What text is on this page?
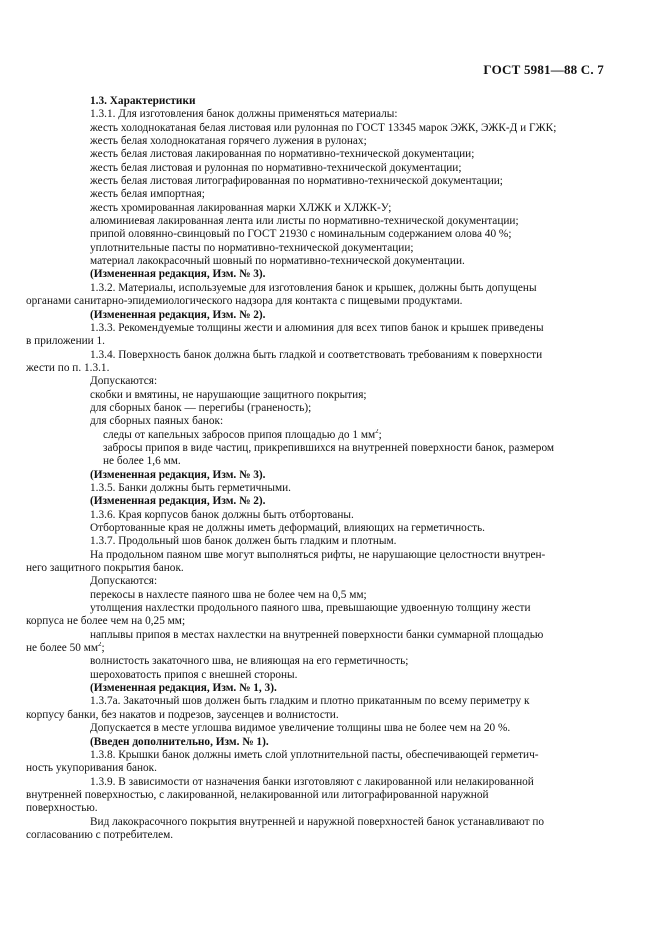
ГОСТ 5981—88 С. 7
1.3. Характеристики
1.3.1. Для изготовления банок должны применяться материалы:
жесть холоднокатаная белая листовая или рулонная по ГОСТ 13345 марок ЭЖК, ЭЖК-Д и ГЖК;
жесть белая холоднокатаная горячего лужения в рулонах;
жесть белая листовая лакированная по нормативно-технической документации;
жесть белая листовая и рулонная по нормативно-технической документации;
жесть белая листовая литографированная по нормативно-технической документации;
жесть белая импортная;
жесть хромированная лакированная марки ХЛЖК и ХЛЖК-У;
алюминиевая лакированная лента или листы по нормативно-технической документации;
припой оловянно-свинцовый по ГОСТ 21930 с номинальным содержанием олова 40 %;
уплотнительные пасты по нормативно-технической документации;
материал лакокрасочный шовный по нормативно-технической документации.
(Измененная редакция, Изм. № 3).
1.3.2. Материалы, используемые для изготовления банок и крышек, должны быть допущены
органами санитарно-эпидемиологического надзора для контакта с пищевыми продуктами.
(Измененная редакция, Изм. № 2).
1.3.3. Рекомендуемые толщины жести и алюминия для всех типов банок и крышек приведены
в приложении 1.
1.3.4. Поверхность банок должна быть гладкой и соответствовать требованиям к поверхности
жести по п. 1.3.1.
Допускаются:
скобки и вмятины, не нарушающие защитного покрытия;
для сборных банок — перегибы (граненость);
для сборных паяных банок:
следы от капельных забросов припоя площадью до 1 $мм^2$;
забросы припоя в виде частиц, прикрепившихся на внутренней поверхности банок, размером
не более 1,6 мм.
(Измененная редакция, Изм. № 3).
1.3.5. Банки должны быть герметичными.
(Измененная редакция, Изм. № 2).
1.3.6. Края корпусов банок должны быть отбортованы.
Отбортованные края не должны иметь деформаций, влияющих на герметичность.
1.3.7. Продольный шов банок должен быть гладким и плотным.
На продольном паяном шве могут выполняться рифты, не нарушающие целостности внутрен-
него защитного покрытия банок.
Допускаются:
перекосы в нахлесте паяного шва не более чем на 0,5 мм;
утолщения нахлестки продольного паяного шва, превышающие удвоенную толщину жести
корпуса не более чем на 0,25 мм;
наплывы припоя в местах нахлестки на внутренней поверхности банки суммарной площадью
не более 50 $мм^2$;
волнистость закаточного шва, не влияющая на его герметичность;
шероховатость припоя с внешней стороны.
(Измененная редакция, Изм. № 1, 3).
1.3.7а. Закаточный шов должен быть гладким и плотно прикатанным по всему периметру к
корпусу банки, без накатов и подрезов, заусенцев и волнистости.
Допускается в месте углошва видимое увеличение толщины шва не более чем на 20 %.
(Введен дополнительно, Изм. № 1).
1.3.8. Крышки банок должны иметь слой уплотнительной пасты, обеспечивающей герметич-
ность укупоривания банок.
1.3.9. В зависимости от назначения банки изготовляют с лакированной или нелакированной
внутренней поверхностью, с лакированной, нелакированной или литографированной наружной
поверхностью.
Вид лакокрасочного покрытия внутренней и наружной поверхностей банок устанавливают по
согласованию с потребителем.
